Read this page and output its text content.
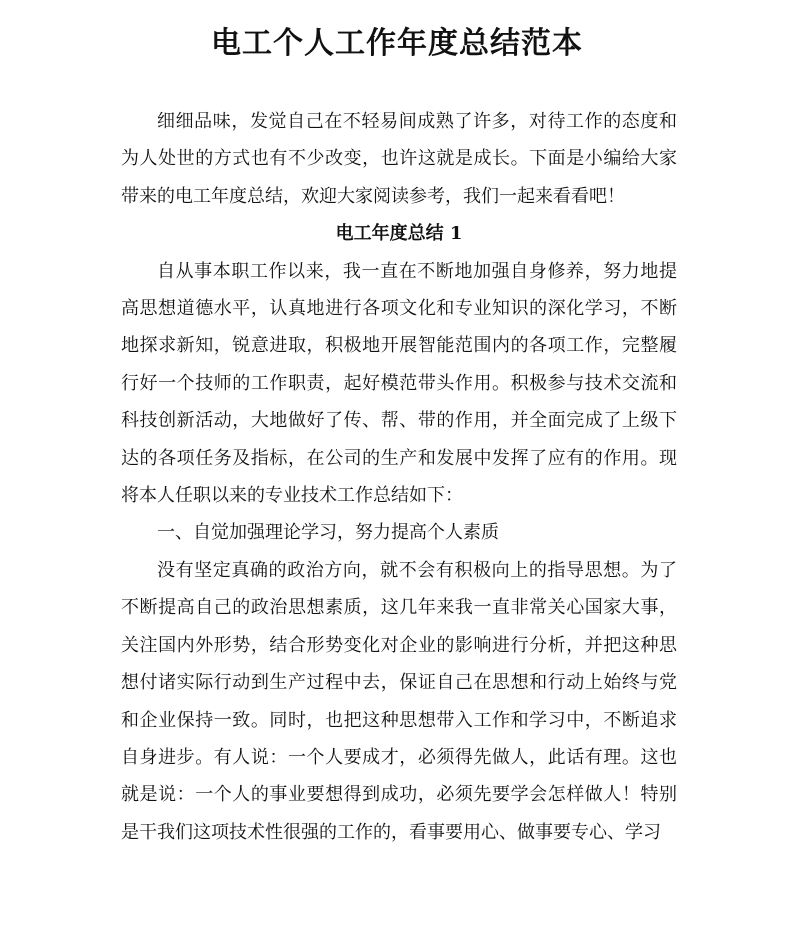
电工个人工作年度总结范本

细细品味，发觉自己在不轻易间成熟了许多，对待工作的态度和为人处世的方式也有不少改变，也许这就是成长。下面是小编给大家带来的电工年度总结，欢迎大家阅读参考，我们一起来看看吧！

电工年度总结 1

自从事本职工作以来，我一直在不断地加强自身修养，努力地提高思想道德水平，认真地进行各项文化和专业知识的深化学习，不断地探求新知，锐意进取，积极地开展智能范围内的各项工作，完整履行好一个技师的工作职责，起好模范带头作用。积极参与技术交流和科技创新活动，大地做好了传、帮、带的作用，并全面完成了上级下达的各项任务及指标，在公司的生产和发展中发挥了应有的作用。现将本人任职以来的专业技术工作总结如下：

一、自觉加强理论学习，努力提高个人素质

没有坚定真确的政治方向，就不会有积极向上的指导思想。为了不断提高自己的政治思想素质，这几年来我一直非常关心国家大事，关注国内外形势，结合形势变化对企业的影响进行分析，并把这种思想付诸实际行动到生产过程中去，保证自己在思想和行动上始终与党和企业保持一致。同时，也把这种思想带入工作和学习中，不断追求自身进步。有人说：一个人要成才，必须得先做人，此话有理。这也就是说：一个人的事业要想得到成功，必须先要学会怎样做人！特别是干我们这项技术性很强的工作的，看事要用心、做事要专心、学习
